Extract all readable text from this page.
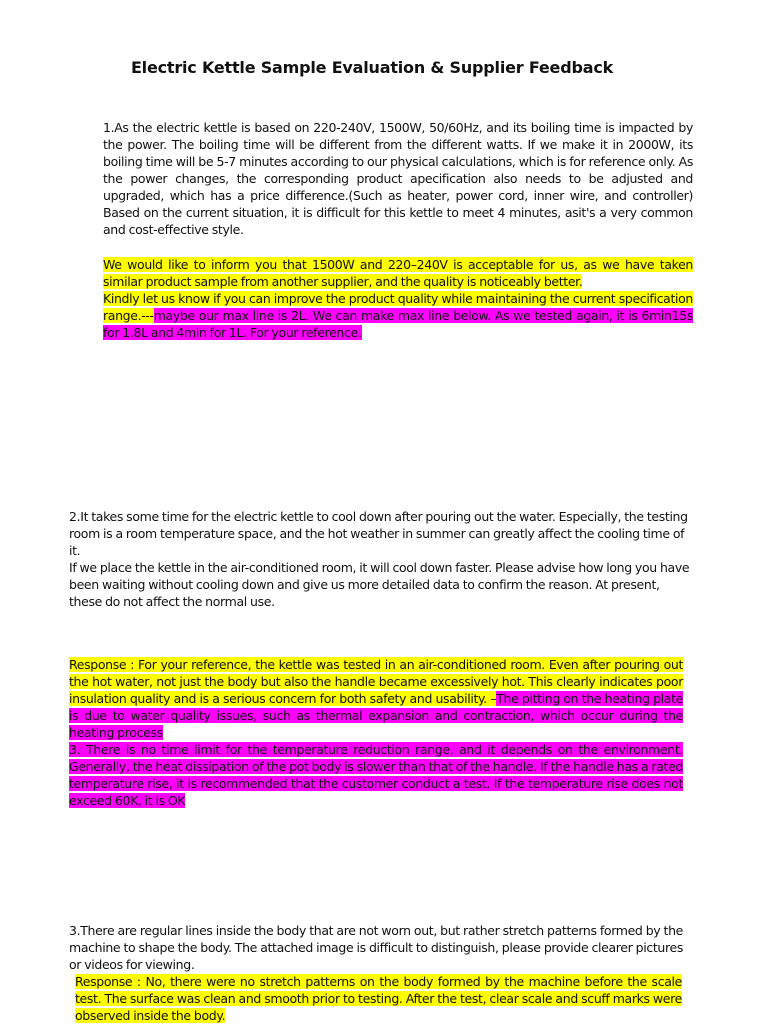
Electric Kettle Sample Evaluation & Supplier Feedback

1.As the electric kettle is based on 220-240V, 1500W, 50/60Hz, and its boiling time is impacted by the power. The boiling time will be different from the different watts. If we make it in 2000W, its boiling time will be 5-7 minutes according to our physical calculations, which is for reference only. As the power changes, the corresponding product apecification also needs to be adjusted and upgraded, which has a price difference.(Such as heater, power cord, inner wire, and controller) Based on the current situation, it is difficult for this kettle to meet 4 minutes, asit's a very common and cost-effective style.

We would like to inform you that 1500W and 220–240V is acceptable for us, as we have taken similar product sample from another supplier, and the quality is noticeably better.
Kindly let us know if you can improve the product quality while maintaining the current specification range.---maybe our max line is 2L. We can make max line below. As we tested again, it is 6min15s for 1.8L and 4min for 1L. For your reference.

2.It takes some time for the electric kettle to cool down after pouring out the water. Especially, the testing room is a room temperature space, and the hot weather in summer can greatly affect the cooling time of it.

If we place the kettle in the air-conditioned room, it will cool down faster. Please advise how long you have been waiting without cooling down and give us more detailed data to confirm the reason. At present, these do not affect the normal use.

Response : For your reference, the kettle was tested in an air-conditioned room. Even after pouring out the hot water, not just the body but also the handle became excessively hot. This clearly indicates poor insulation quality and is a serious concern for both safety and usability. –The pitting on the heating plate is due to water quality issues, such as thermal expansion and contraction, which occur during the heating process
3. There is no time limit for the temperature reduction range, and it depends on the environment. Generally, the heat dissipation of the pot body is slower than that of the handle. If the handle has a rated temperature rise, it is recommended that the customer conduct a test. If the temperature rise does not exceed 60K, it is OK

3.There are regular lines inside the body that are not worn out, but rather stretch patterns formed by the machine to shape the body. The attached image is difficult to distinguish, please provide clearer pictures or videos for viewing.

Response : No, there were no stretch patterns on the body formed by the machine before the scale test. The surface was clean and smooth prior to testing. After the test, clear scale and scuff marks were observed inside the body.
